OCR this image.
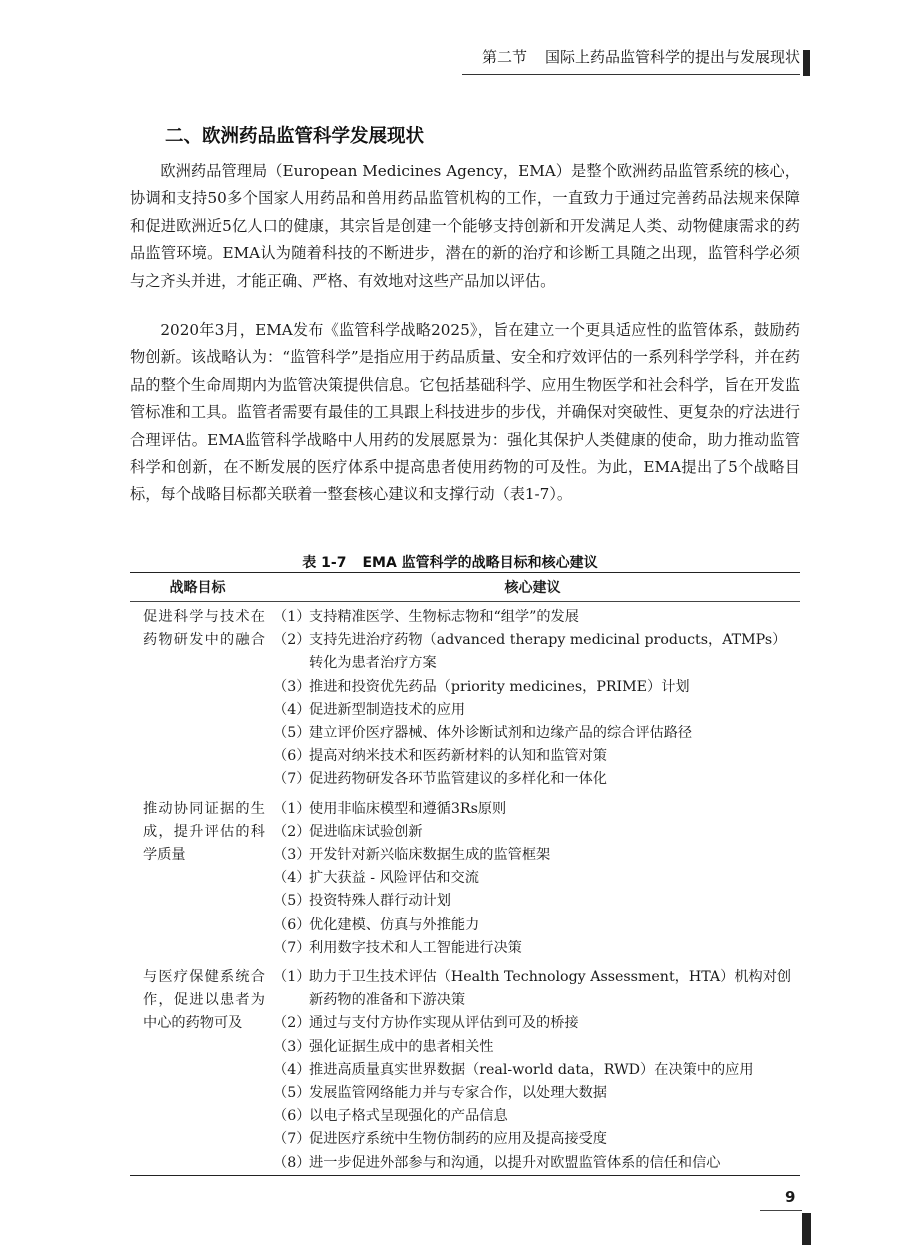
第二节 国际上药品监管科学的提出与发展现状
二、欧洲药品监管科学发展现状

欧洲药品管理局（European Medicines Agency，EMA）是整个欧洲药品监管系统的核心，协调和支持50多个国家人用药品和兽用药品监管机构的工作，一直致力于通过完善药品法规来保障和促进欧洲近5亿人口的健康，其宗旨是创建一个能够支持创新和开发满足人类、动物健康需求的药品监管环境。EMA认为随着科技的不断进步，潜在的新的治疗和诊断工具随之出现，监管科学必须与之齐头并进，才能正确、严格、有效地对这些产品加以评估。

2020年3月，EMA发布《监管科学战略2025》，旨在建立一个更具适应性的监管体系，鼓励药物创新。该战略认为：“监管科学”是指应用于药品质量、安全和疗效评估的一系列科学学科，并在药品的整个生命周期内为监管决策提供信息。它包括基础科学、应用生物医学和社会科学，旨在开发监管标准和工具。监管者需要有最佳的工具跟上科技进步的步伐，并确保对突破性、更复杂的疗法进行合理评估。EMA监管科学战略中人用药的发展愿景为：强化其保护人类健康的使命，助力推动监管科学和创新，在不断发展的医疗体系中提高患者使用药物的可及性。为此，EMA提出了5个战略目标，每个战略目标都关联着一整套核心建议和支撑行动（表1-7）。

表 1-7 EMA 监管科学的战略目标和核心建议
战略目标	核心建议
促进科学与技术在药物研发中的融合
（1）
支持精准医学、生物标志物和“组学”的发展
（2）
支持先进治疗药物（advanced therapy medicinal products，ATMPs）转化为患者治疗方案
（3）
推进和投资优先药品（priority medicines，PRIME）计划
（4）
促进新型制造技术的应用
（5）
建立评价医疗器械、体外诊断试剂和边缘产品的综合评估路径
（6）
提高对纳米技术和医药新材料的认知和监管对策
（7）
促进药物研发各环节监管建议的多样化和一体化
推动协同证据的生成，提升评估的科学质量
（1）
使用非临床模型和遵循3Rs原则
（2）
促进临床试验创新
（3）
开发针对新兴临床数据生成的监管框架
（4）
扩大获益 - 风险评估和交流
（5）
投资特殊人群行动计划
（6）
优化建模、仿真与外推能力
（7）
利用数字技术和人工智能进行决策
与医疗保健系统合作，促进以患者为中心的药物可及
（1）
助力于卫生技术评估（Health Technology Assessment，HTA）机构对创新药物的准备和下游决策
（2）
通过与支付方协作实现从评估到可及的桥接
（3）
强化证据生成中的患者相关性
（4）
推进高质量真实世界数据（real-world data，RWD）在决策中的应用
（5）
发展监管网络能力并与专家合作，以处理大数据
（6）
以电子格式呈现强化的产品信息
（7）
促进医疗系统中生物仿制药的应用及提高接受度
（8）
进一步促进外部参与和沟通，以提升对欧盟监管体系的信任和信心
9
